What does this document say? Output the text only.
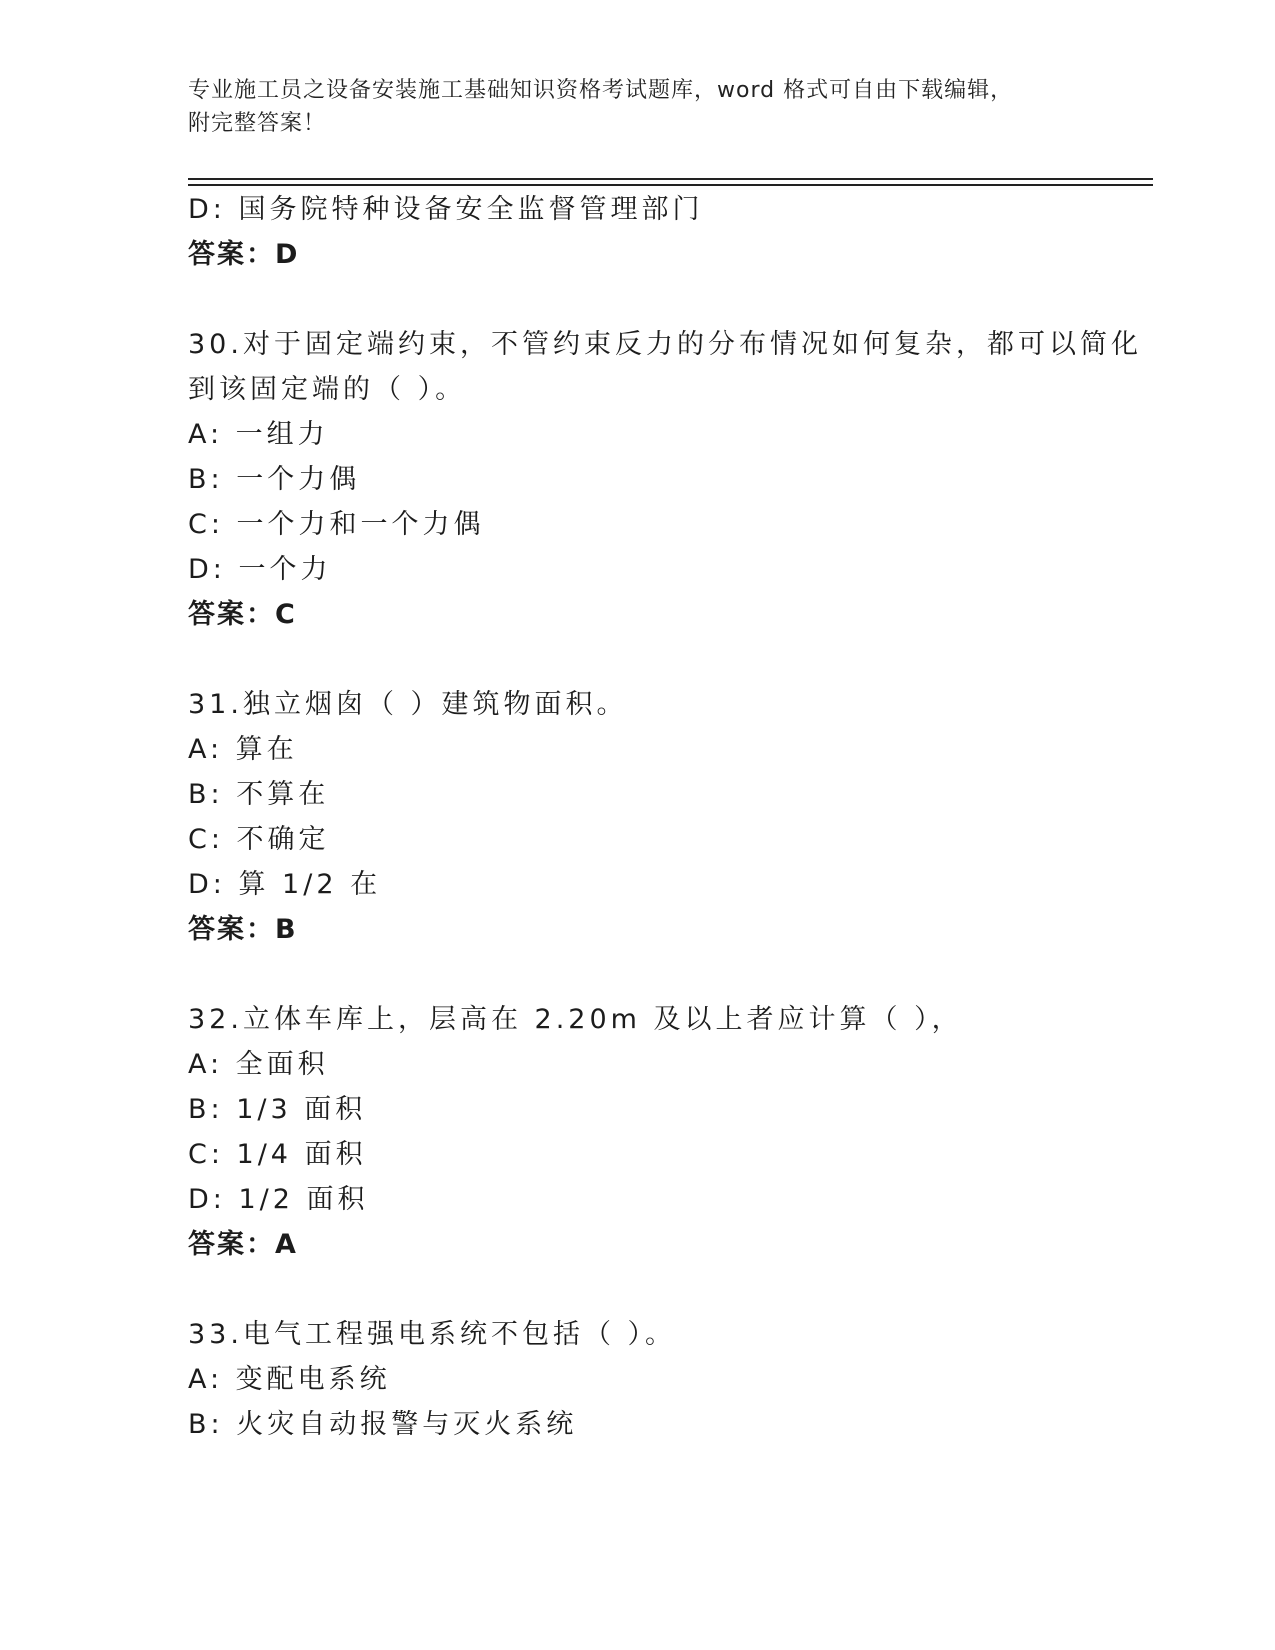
专业施工员之设备安装施工基础知识资格考试题库，word 格式可自由下载编辑，
附完整答案！
D: 国务院特种设备安全监督管理部门
答案：D
30.对于固定端约束，不管约束反力的分布情况如何复杂，都可以简化
到该固定端的（ ）。
A: 一组力
B: 一个力偶
C: 一个力和一个力偶
D: 一个力
答案：C
31.独立烟囱（ ）建筑物面积。
A: 算在
B: 不算在
C: 不确定
D: 算 1/2 在
答案：B
32.立体车库上，层高在 2.20m 及以上者应计算（ ），
A: 全面积
B: 1/3 面积
C: 1/4 面积
D: 1/2 面积
答案：A
33.电气工程强电系统不包括（ ）。
A: 变配电系统
B: 火灾自动报警与灭火系统
